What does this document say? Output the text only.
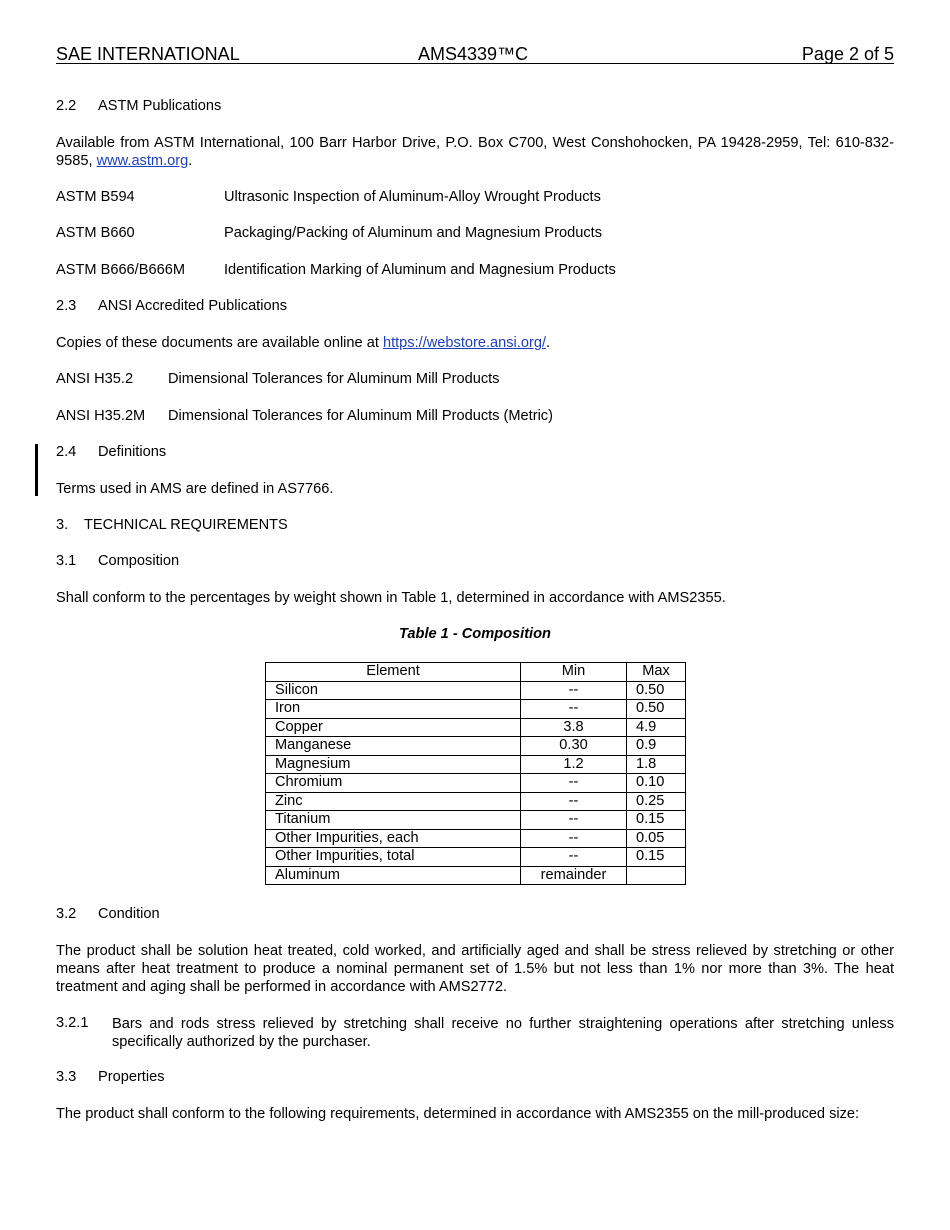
SAE INTERNATIONAL	AMS4339™C	Page 2 of 5
2.2 ASTM Publications
Available from ASTM International, 100 Barr Harbor Drive, P.O. Box C700, West Conshohocken, PA 19428-2959, Tel: 610-832-9585, www.astm.org.
ASTM B594	Ultrasonic Inspection of Aluminum-Alloy Wrought Products
ASTM B660	Packaging/Packing of Aluminum and Magnesium Products
ASTM B666/B666M	Identification Marking of Aluminum and Magnesium Products
2.3 ANSI Accredited Publications
Copies of these documents are available online at https://webstore.ansi.org/.
ANSI H35.2 Dimensional Tolerances for Aluminum Mill Products
ANSI H35.2M Dimensional Tolerances for Aluminum Mill Products (Metric)
2.4 Definitions
Terms used in AMS are defined in AS7766.
3. TECHNICAL REQUIREMENTS
3.1 Composition
Shall conform to the percentages by weight shown in Table 1, determined in accordance with AMS2355.
Table 1 - Composition
Element	Min	Max
Silicon	--	0.50
Iron	--	0.50
Copper	3.8	4.9
Manganese	0.30	0.9
Magnesium	1.2	1.8
Chromium	--	0.10
Zinc	--	0.25
Titanium	--	0.15
Other Impurities, each	--	0.05
Other Impurities, total	--	0.15
Aluminum	remainder	
3.2 Condition
The product shall be solution heat treated, cold worked, and artificially aged and shall be stress relieved by stretching or other means after heat treatment to produce a nominal permanent set of 1.5% but not less than 1% nor more than 3%. The heat treatment and aging shall be performed in accordance with AMS2772.
3.2.1 Bars and rods stress relieved by stretching shall receive no further straightening operations after stretching unless specifically authorized by the purchaser.
3.3 Properties
The product shall conform to the following requirements, determined in accordance with AMS2355 on the mill-produced size:
